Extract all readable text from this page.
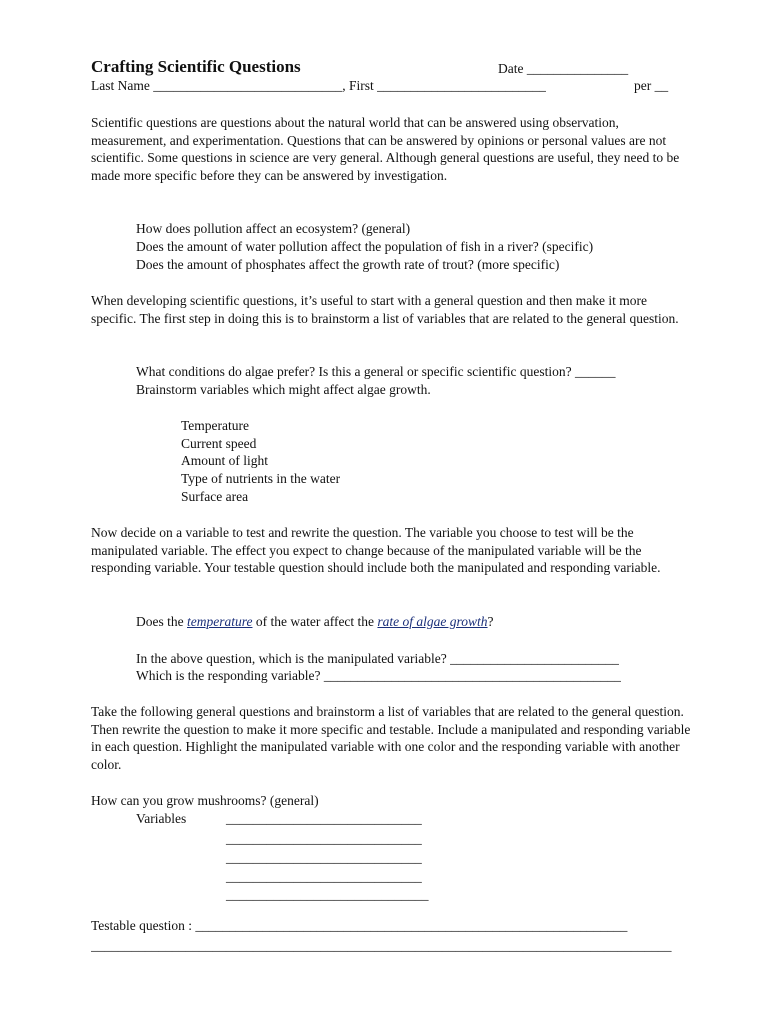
Crafting Scientific Questions	Date _______________
Last Name ____________________________, First _________________________	per __
Scientific questions are questions about the natural world that can be answered using observation, measurement, and experimentation. Questions that can be answered by opinions or personal values are not scientific. Some questions in science are very general. Although general questions are useful, they need to be made more specific before they can be answered by investigation.
How does pollution affect an ecosystem? (general)
Does the amount of water pollution affect the population of fish in a river? (specific)
Does the amount of phosphates affect the growth rate of trout? (more specific)
When developing scientific questions, it’s useful to start with a general question and then make it more specific. The first step in doing this is to brainstorm a list of variables that are related to the general question.
What conditions do algae prefer? Is this a general or specific scientific question? ______
Brainstorm variables which might affect algae growth.
Temperature
Current speed
Amount of light
Type of nutrients in the water
Surface area
Now decide on a variable to test and rewrite the question. The variable you choose to test will be the manipulated variable. The effect you expect to change because of the manipulated variable will be the responding variable. Your testable question should include both the manipulated and responding variable.
Does the temperature of the water affect the rate of algae growth?
In the above question, which is the manipulated variable? _________________________
Which is the responding variable? ____________________________________________
Take the following general questions and brainstorm a list of variables that are related to the general question. Then rewrite the question to make it more specific and testable. Include a manipulated and responding variable in each question. Highlight the manipulated variable with one color and the responding variable with another color.
How can you grow mushrooms? (general)
Variables	_____________________________
_____________________________
_____________________________
_____________________________
______________________________
Testable question : ________________________________________________________________
______________________________________________________________________________________
